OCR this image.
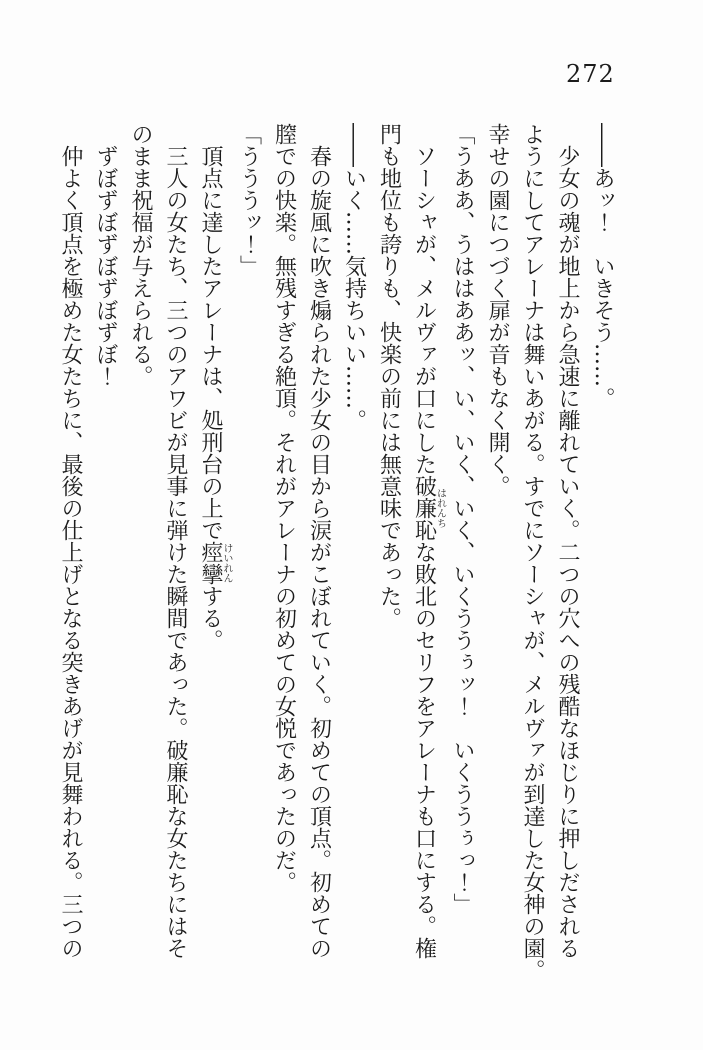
272
――あッ！　いきそう……。
　少女の魂が地上から急速に離れていく。二つの穴への残酷なほじりに押しだされる
ようにしてアレーナは舞いあがる。すでにソーシャが、メルヴァが到達した女神の園。
幸せの園につづく扉が音もなく開く。
「うああ、うははああッ、い、いく、いく、いくううぅッ！　いくううぅっ！」
　ソーシャが、メルヴァが口にした破廉恥はれんちな敗北のセリフをアレーナも口にする。権
門も地位も誇りも、快楽の前には無意味であった。
――いく……気持ちいい……。
　春の旋風に吹き煽られた少女の目から涙がこぼれていく。初めての頂点。初めての
膣での快楽。無残すぎる絶頂。それがアレーナの初めての女悦であったのだ。
「うううッ！」
　頂点に達したアレーナは、処刑台の上で痙攣けいれんする。
　三人の女たち、三つのアワビが見事に弾けた瞬間であった。破廉恥な女たちにはそ
のまま祝福が与えられる。
　ずぼずぼずぼずぼずぼ！
　仲よく頂点を極めた女たちに、最後の仕上げとなる突きあげが見舞われる。三つの
